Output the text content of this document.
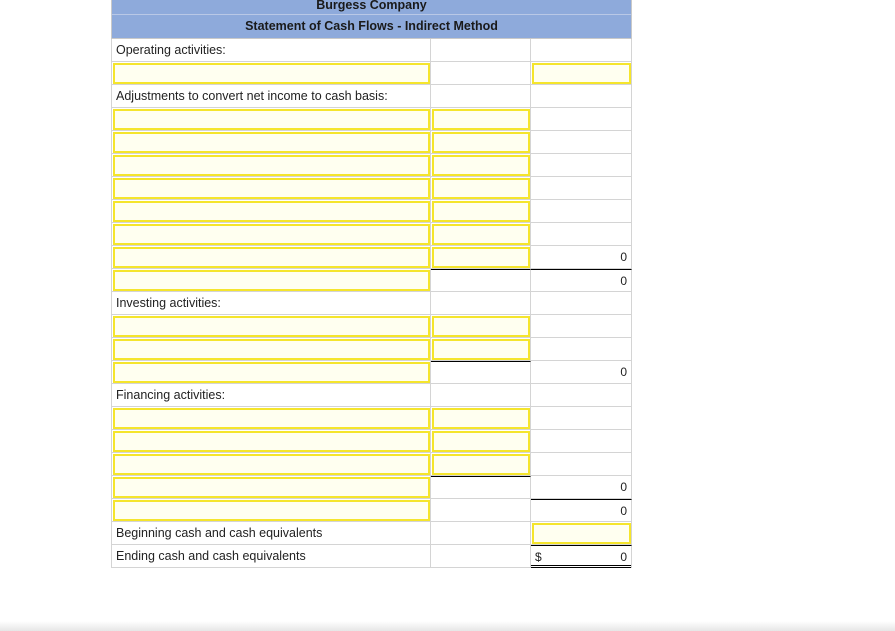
Burgess Company
Statement of Cash Flows - Indirect Method
Operating activities:
Adjustments to convert net income to cash basis:
0
0
Investing activities:
0
Financing activities:
0
0
Beginning cash and cash equivalents
Ending cash and cash equivalents	$	0
